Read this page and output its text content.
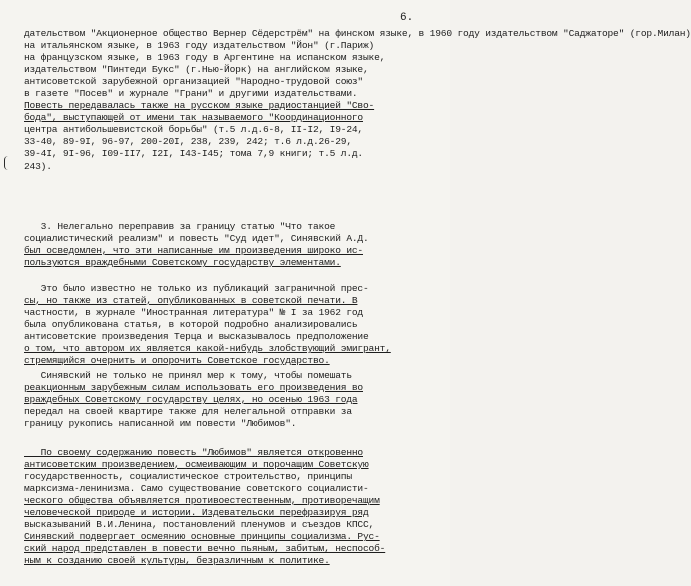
6.
дательством "Акционерное общество Вернер Сёдерстрём" на финском языке, в 1960 году издательством "Саджаторе" (гор.Милан)
на итальянском языке, в 1963 году издательством "Йон" (г.Париж)
на французском языке, в 1963 году в Аргентине на испанском языке,
издательством "Пинтеди Букс" (г.Нью-Йорк) на английском языке,
антисоветской зарубежной организацией "Народно-трудовой союз"
в газете "Посев" и журнале "Грани" и другими издательствами.
Повесть передавалась также на русском языке радиостанцией "Сво-
бода", выступающей от имени так называемого "Координационного
центра антибольшевистской борьбы" (т.5 л.д.6-8, II-I2, I9-24,
33-40, 89-9I, 96-97, 200-20I, 238, 239, 242; т.6 л.д.26-29,
39-4I, 9I-96, I09-II7, I2I, I43-I45; тома 7,9 книги; т.5 л.д.
243).
3. Нелегально переправив за границу статью "Что такое
социалистический реализм" и повесть "Суд идет", Синявский А.Д.
был осведомлен, что эти написанные им произведения широко ис-
пользуются враждебными Советскому государству элементами.
Это было известно не только из публикаций заграничной прес-
сы, но также из статей, опубликованных в советской печати. В
частности, в журнале "Иностранная литература" № I за 1962 год
была опубликована статья, в которой подробно анализировались
антисоветские произведения Терца и высказывалось предположение
о том, что автором их является какой-нибудь злобствующий эмигрант,
стремящийся очернить и опорочить Советское государство.
Синявский не только не принял мер к тому, чтобы помешать
реакционным зарубежным силам использовать его произведения во
враждебных Советскому государству целях, но осенью 1963 года
передал на своей квартире также для нелегальной отправки за
границу рукопись написанной им повести "Любимов".
По своему содержанию повесть "Любимов" является откровенно
антисоветским произведением, осмеивающим и порочащим Советскую
государственность, социалистическое строительство, принципы
марксизма-ленинизма. Само существование советского социалисти-
ческого общества объявляется противоестественным, противоречащим
человеческой природе и истории. Издевательски перефразируя ряд
высказываний В.И.Ленина, постановлений пленумов и съездов КПСС,
Синявский подвергает осмеянию основные принципы социализма. Рус-
ский народ представлен в повести вечно пьяным, забитым, неспособ-
ным к созданию своей культуры, безразличным к политике.
